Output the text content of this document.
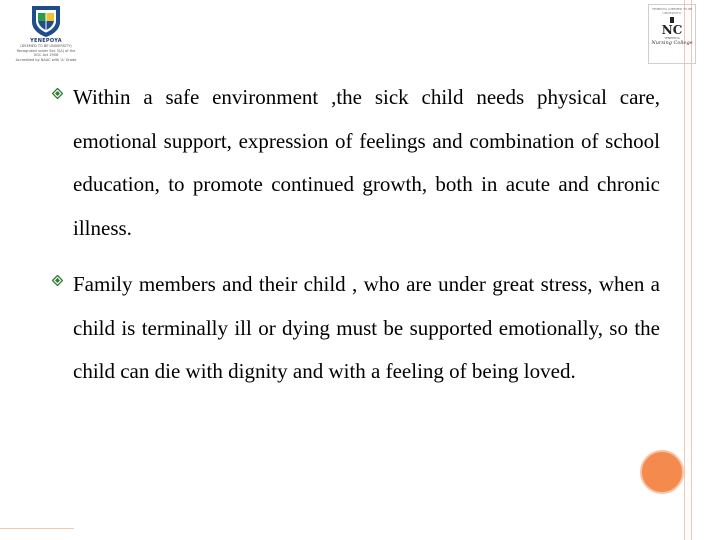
YENEPOYA
(DEEMED TO BE UNIVERSITY)
Recognized under Sec 3(A) of the UGC Act 1956
Accredited by NAAC with 'A' Grade
YENEPOYA (DEEMED TO BE UNIVERSITY)
NC
YENEPOYA
Nursing College
Within a safe environment ,the sick child needs physical care, emotional support, expression of feelings and combination of school education, to promote continued growth, both in acute and chronic illness.
Family members and their child , who are under great stress, when a child is terminally ill or dying must be supported emotionally, so the child can die with dignity and with a feeling of being loved.
